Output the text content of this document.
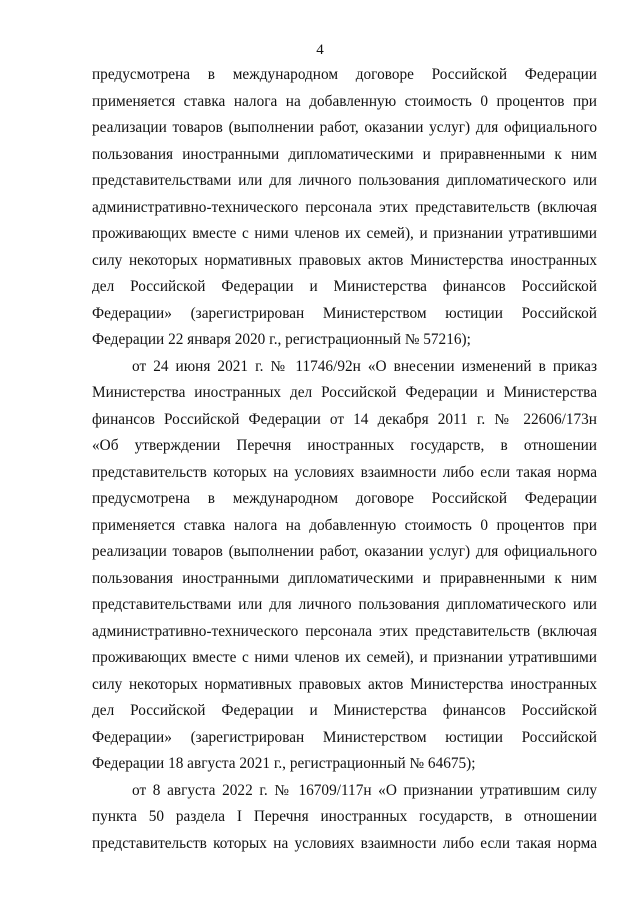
4
предусмотрена в международном договоре Российской Федерации
применяется ставка налога на добавленную стоимость 0 процентов при
реализации товаров (выполнении работ, оказании услуг) для официального
пользования иностранными дипломатическими и приравненными к ним
представительствами или для личного пользования дипломатического или
административно-технического персонала этих представительств (включая
проживающих вместе с ними членов их семей), и признании утратившими
силу некоторых нормативных правовых актов Министерства иностранных
дел Российской Федерации и Министерства финансов Российской
Федерации» (зарегистрирован Министерством юстиции Российской
Федерации 22 января 2020 г., регистрационный № 57216);
от 24 июня 2021 г. № 11746/92н «О внесении изменений в приказ
Министерства иностранных дел Российской Федерации и Министерства
финансов Российской Федерации от 14 декабря 2011 г. № 22606/173н
«Об утверждении Перечня иностранных государств, в отношении
представительств которых на условиях взаимности либо если такая норма
предусмотрена в международном договоре Российской Федерации
применяется ставка налога на добавленную стоимость 0 процентов при
реализации товаров (выполнении работ, оказании услуг) для официального
пользования иностранными дипломатическими и приравненными к ним
представительствами или для личного пользования дипломатического или
административно-технического персонала этих представительств (включая
проживающих вместе с ними членов их семей), и признании утратившими
силу некоторых нормативных правовых актов Министерства иностранных
дел Российской Федерации и Министерства финансов Российской
Федерации» (зарегистрирован Министерством юстиции Российской
Федерации 18 августа 2021 г., регистрационный № 64675);
от 8 августа 2022 г. № 16709/117н «О признании утратившим силу
пункта 50 раздела I Перечня иностранных государств, в отношении
представительств которых на условиях взаимности либо если такая норма
